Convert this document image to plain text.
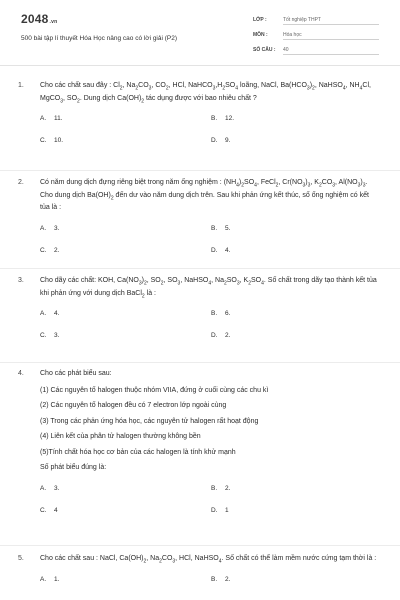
2048.vn
500 bài tập lí thuyết Hóa Học nâng cao có lời giải (P2)
LỚP :	Tốt nghiệp THPT
MÔN :	Hóa học
SỐ CÂU : 40
1.	Cho các chất sau đây : $Cl_2$, $Na_2CO_3$, $CO_2$, HCl, $NaHCO_3,H_2SO_4$ loãng, NaCl, $Ba(HCO_3)_2$, NaHSO$_4$, $NH_4Cl$, MgCO$_3$, $SO_2$. Dung dịch $Ca(OH)_2$ tác dụng được với bao nhiêu chất ?
A. 11.	B. 12.
C. 10.	D. 9.
2.	Có năm dung dịch đựng riêng biệt trong năm ống nghiệm : $(NH_4)_2SO_4$, FeCl$_2$, $Cr(NO_3)_3$, $K_2CO_3$, $Al(NO_3)_3$. Cho dung dịch $Ba(OH)_2$ đến dư vào năm dung dịch trên. Sau khi phản ứng kết thúc, số ống nghiệm có kết tủa là :
A. 3.	B. 5.
C. 2.	D. 4.
3.	Cho dãy các chất: KOH, $Ca(NO_3)_2$, $SO_2$, $SO_3$, NaHSO$_4$, $Na_2SO_3$, $K_2SO_4$. Số chất trong dãy tạo thành kết tủa khi phản ứng với dung dịch BaCl$_2$ là :
A. 4.	B. 6.
C. 3.	D. 2.
4.	Cho các phát biểu sau:
(1) Các nguyên tố halogen thuộc nhóm VIIA, đứng ở cuối cùng các chu kì
(2) Các nguyên tố halogen đều có 7 electron lớp ngoài cùng
(3) Trong các phản ứng hóa học, các nguyên tử halogen rất hoạt động
(4) Liên kết của phân tử halogen thường không bền
(5)Tính chất hóa học cơ bản của các halogen là tính khử mạnh
Số phát biểu đúng là:
A. 3.	B. 2.
C. 4	D. 1
5.	Cho các chất sau : NaCl, $Ca(OH)_2$, $Na_2CO_3$, HCl, NaHSO$_4$. Số chất có thể làm mềm nước cứng tạm thời là :
A. 1.	B. 2.
